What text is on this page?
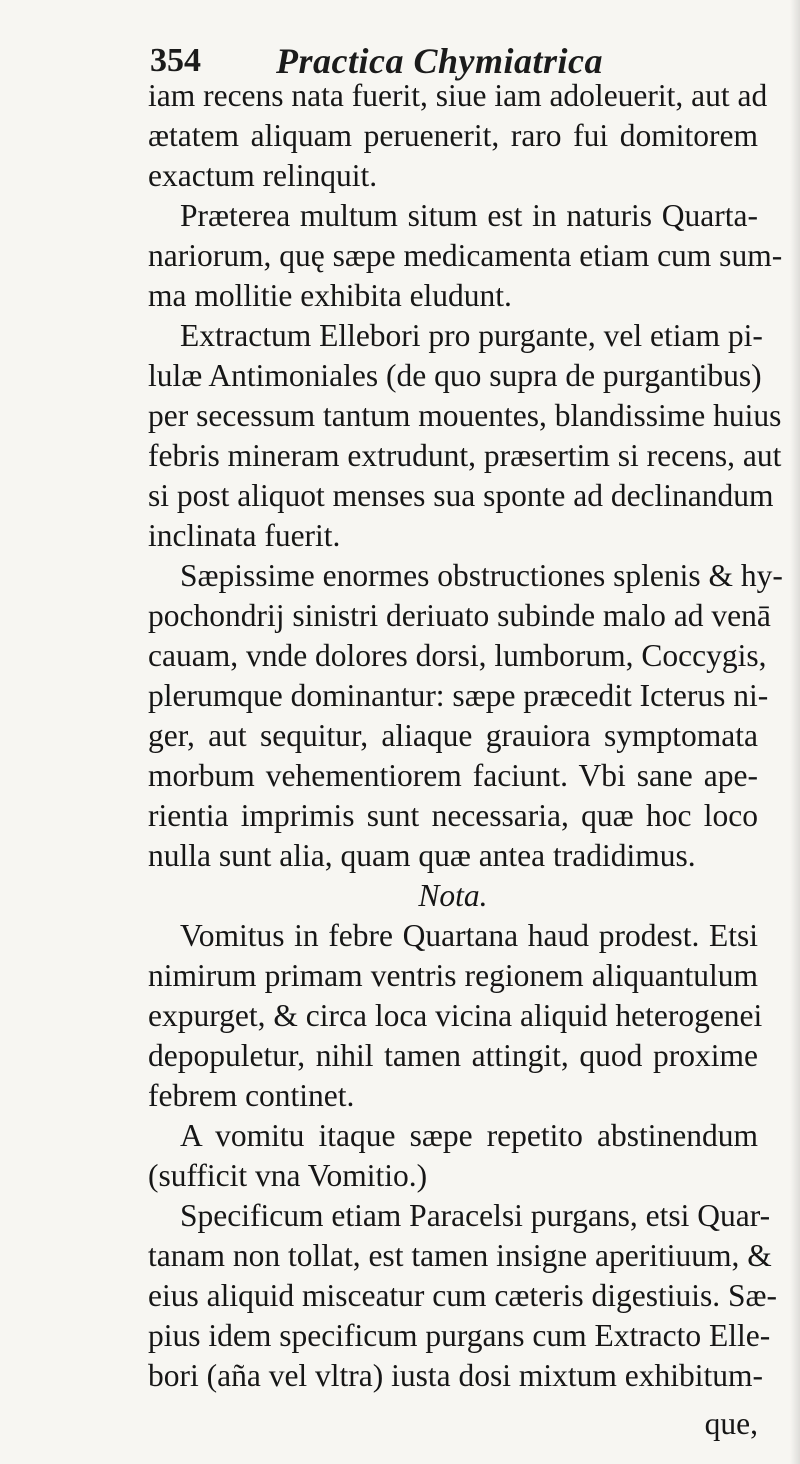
354 Practica Chymiatrica
iam recens nata fuerit, siue iam adoleuerit, aut ad
ætatem aliquam peruenerit, raro fui domitorem
exactum relinquit.
Præterea multum situm est in naturis Quarta-
nariorum, quę sæpe medicamenta etiam cum sum-
ma mollitie exhibita eludunt.
Extractum Ellebori pro purgante, vel etiam pi-
lulæ Antimoniales (de quo supra de purgantibus)
per secessum tantum mouentes, blandissime huius
febris mineram extrudunt, præsertim si recens, aut
si post aliquot menses sua sponte ad declinandum
inclinata fuerit.
Sæpissime enormes obstructiones splenis & hy-
pochondrij sinistri deriuato subinde malo ad venā
cauam, vnde dolores dorsi, lumborum, Coccygis,
plerumque dominantur: sæpe præcedit Icterus ni-
ger, aut sequitur, aliaque grauiora symptomata
morbum vehementiorem faciunt. Vbi sane ape-
rientia imprimis sunt necessaria, quæ hoc loco
nulla sunt alia, quam quæ antea tradidimus.
Nota.
Vomitus in febre Quartana haud prodest. Etsi
nimirum primam ventris regionem aliquantulum
expurget, & circa loca vicina aliquid heterogenei
depopuletur, nihil tamen attingit, quod proxime
febrem continet.
A vomitu itaque sæpe repetito abstinendum
(sufficit vna Vomitio.)
Specificum etiam Paracelsi purgans, etsi Quar-
tanam non tollat, est tamen insigne aperitiuum, &
eius aliquid misceatur cum cæteris digestiuis. Sæ-
pius idem specificum purgans cum Extracto Elle-
bori (aña vel vltra) iusta dosi mixtum exhibitum-
que,
